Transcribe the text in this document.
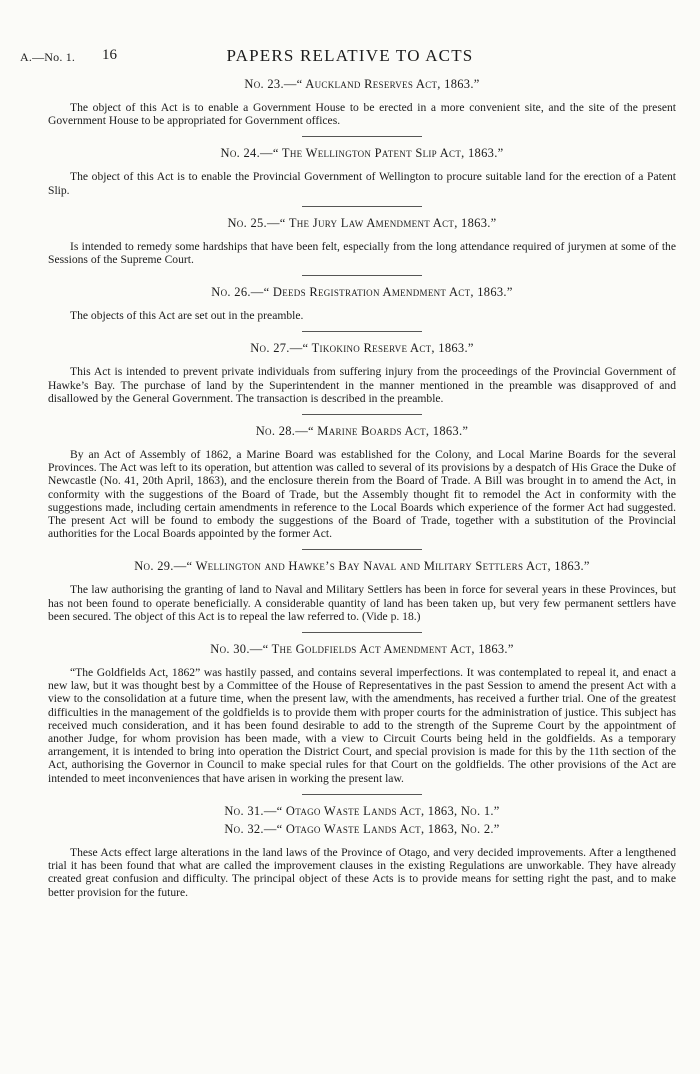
A.—No. 1. 16	PAPERS RELATIVE TO ACTS
No. 23.—“ Auckland Reserves Act, 1863.”

The object of this Act is to enable a Government House to be erected in a more convenient site, and the site of the present Government House to be appropriated for Government offices.

No. 24.—“ The Wellington Patent Slip Act, 1863.”

The object of this Act is to enable the Provincial Government of Wellington to procure suitable land for the erection of a Patent Slip.

No. 25.—“ The Jury Law Amendment Act, 1863.”

Is intended to remedy some hardships that have been felt, especially from the long attendance required of jurymen at some of the Sessions of the Supreme Court.

No. 26.—“ Deeds Registration Amendment Act, 1863.”

The objects of this Act are set out in the preamble.

No. 27.—“ Tikokino Reserve Act, 1863.”

This Act is intended to prevent private individuals from suffering injury from the proceedings of the Provincial Government of Hawke’s Bay. The purchase of land by the Superintendent in the manner mentioned in the preamble was disapproved of and disallowed by the General Government. The transaction is described in the preamble.

No. 28.—“ Marine Boards Act, 1863.”

By an Act of Assembly of 1862, a Marine Board was established for the Colony, and Local Marine Boards for the several Provinces. The Act was left to its operation, but attention was called to several of its provisions by a despatch of His Grace the Duke of Newcastle (No. 41, 20th April, 1863), and the enclosure therein from the Board of Trade. A Bill was brought in to amend the Act, in conformity with the suggestions of the Board of Trade, but the Assembly thought fit to remodel the Act in conformity with the suggestions made, including certain amendments in reference to the Local Boards which experience of the former Act had suggested. The present Act will be found to embody the suggestions of the Board of Trade, together with a substitution of the Provincial authorities for the Local Boards appointed by the former Act.

No. 29.—“ Wellington and Hawke’s Bay Naval and Military Settlers Act, 1863.”

The law authorising the granting of land to Naval and Military Settlers has been in force for several years in these Provinces, but has not been found to operate beneficially. A considerable quantity of land has been taken up, but very few permanent settlers have been secured. The object of this Act is to repeal the law referred to. (Vide p. 18.)

No. 30.—“ The Goldfields Act Amendment Act, 1863.”

“The Goldfields Act, 1862” was hastily passed, and contains several imperfections. It was contemplated to repeal it, and enact a new law, but it was thought best by a Committee of the House of Representatives in the past Session to amend the present Act with a view to the consolidation at a future time, when the present law, with the amendments, has received a further trial. One of the greatest difficulties in the management of the goldfields is to provide them with proper courts for the administration of justice. This subject has received much consideration, and it has been found desirable to add to the strength of the Supreme Court by the appointment of another Judge, for whom provision has been made, with a view to Circuit Courts being held in the goldfields. As a temporary arrangement, it is intended to bring into operation the District Court, and special provision is made for this by the 11th section of the Act, authorising the Governor in Council to make special rules for that Court on the goldfields. The other provisions of the Act are intended to meet inconveniences that have arisen in working the present law.

No. 31.—“ Otago Waste Lands Act, 1863, No. 1.”
No. 32.—“ Otago Waste Lands Act, 1863, No. 2.”

These Acts effect large alterations in the land laws of the Province of Otago, and very decided improvements. After a lengthened trial it has been found that what are called the improvement clauses in the existing Regulations are unworkable. They have already created great confusion and difficulty. The principal object of these Acts is to provide means for setting right the past, and to make better provision for the future.
